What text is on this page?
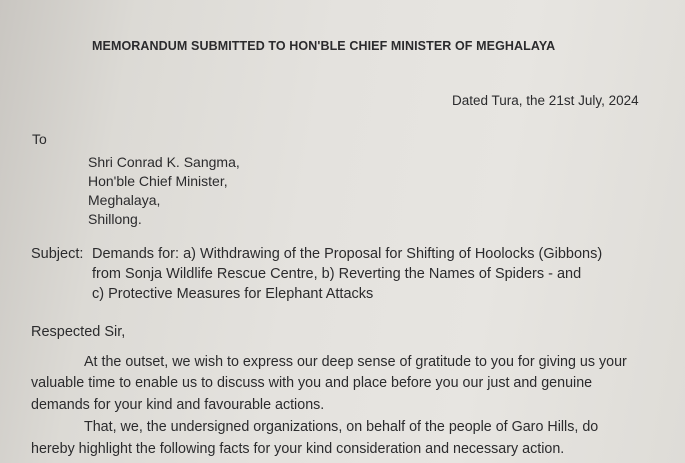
MEMORANDUM SUBMITTED TO HON'BLE CHIEF MINISTER OF MEGHALAYA
Dated Tura, the 21st July, 2024
To
Shri Conrad K. Sangma,
Hon'ble Chief Minister,
Meghalaya,
Shillong.
Subject: Demands for: a) Withdrawing of the Proposal for Shifting of Hoolocks (Gibbons)
from Sonja Wildlife Rescue Centre, b) Reverting the Names of Spiders - and
c) Protective Measures for Elephant Attacks
Respected Sir,
At the outset, we wish to express our deep sense of gratitude to you for giving us your
valuable time to enable us to discuss with you and place before you our just and genuine
demands for your kind and favourable actions.
That, we, the undersigned organizations, on behalf of the people of Garo Hills, do
hereby highlight the following facts for your kind consideration and necessary action.
